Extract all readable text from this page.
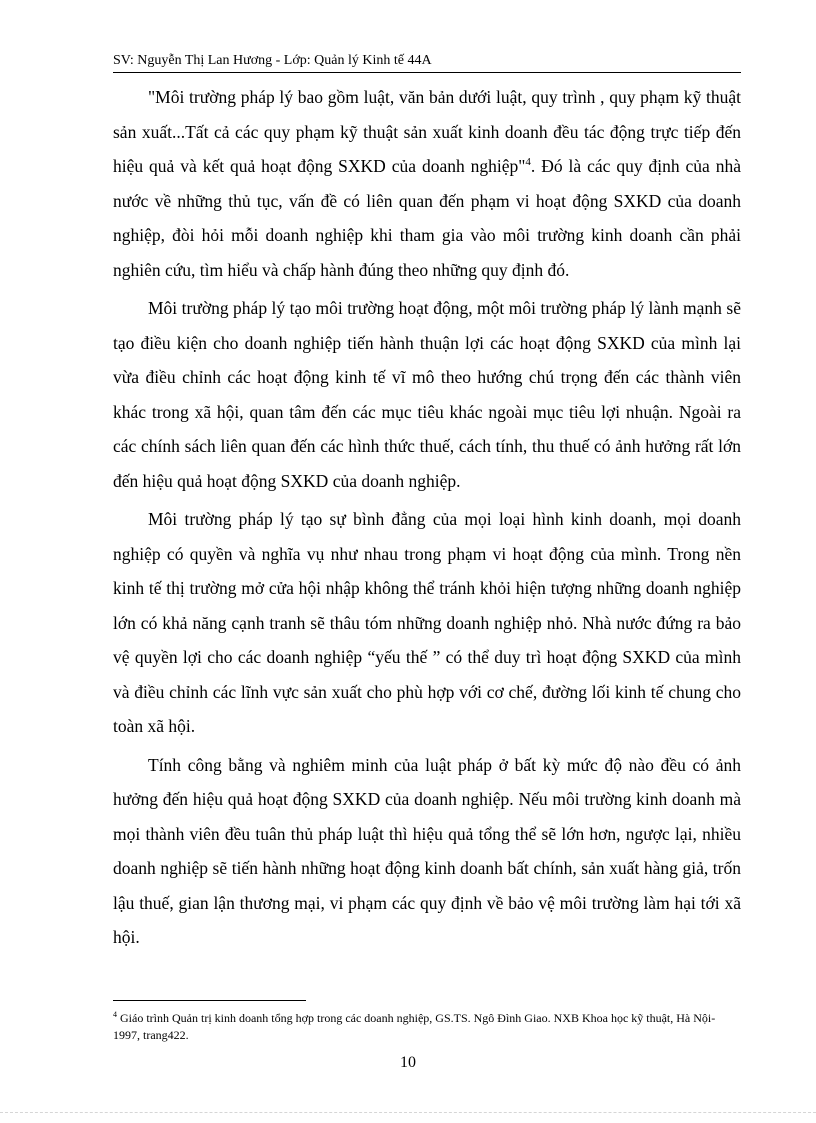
SV: Nguyễn Thị Lan Hương - Lớp: Quản lý Kinh tế 44A

"Môi trường pháp lý bao gồm luật, văn bản dưới luật, quy trình , quy phạm kỹ thuật sản xuất...Tất cả các quy phạm kỹ thuật sản xuất kinh doanh đều tác động trực tiếp đến hiệu quả và kết quả hoạt động SXKD của doanh nghiệp"$^4$. Đó là các quy định của nhà nước về những thủ tục, vấn đề có liên quan đến phạm vi hoạt động SXKD của doanh nghiệp, đòi hỏi mỗi doanh nghiệp khi tham gia vào môi trường kinh doanh cần phải nghiên cứu, tìm hiểu và chấp hành đúng theo những quy định đó.

Môi trường pháp lý tạo môi trường hoạt động, một môi trường pháp lý lành mạnh sẽ tạo điều kiện cho doanh nghiệp tiến hành thuận lợi các hoạt động SXKD của mình lại vừa điều chỉnh các hoạt động kinh tế vĩ mô theo hướng chú trọng đến các thành viên khác trong xã hội, quan tâm đến các mục tiêu khác ngoài mục tiêu lợi nhuận. Ngoài ra các chính sách liên quan đến các hình thức thuế, cách tính, thu thuế có ảnh hưởng rất lớn đến hiệu quả hoạt động SXKD của doanh nghiệp.

Môi trường pháp lý tạo sự bình đẳng của mọi loại hình kinh doanh, mọi doanh nghiệp có quyền và nghĩa vụ như nhau trong phạm vi hoạt động của mình. Trong nền kinh tế thị trường mở cửa hội nhập không thể tránh khỏi hiện tượng những doanh nghiệp lớn có khả năng cạnh tranh sẽ thâu tóm những doanh nghiệp nhỏ. Nhà nước đứng ra bảo vệ quyền lợi cho các doanh nghiệp “yếu thế ” có thể duy trì hoạt động SXKD của mình và điều chỉnh các lĩnh vực sản xuất cho phù hợp với cơ chế, đường lối kinh tế chung cho toàn xã hội.

Tính công bằng và nghiêm minh của luật pháp ở bất kỳ mức độ nào đều có ảnh hưởng đến hiệu quả hoạt động SXKD của doanh nghiệp. Nếu môi trường kinh doanh mà mọi thành viên đều tuân thủ pháp luật thì hiệu quả tổng thể sẽ lớn hơn, ngược lại, nhiều doanh nghiệp sẽ tiến hành những hoạt động kinh doanh bất chính, sản xuất hàng giả, trốn lậu thuế, gian lận thương mại, vi phạm các quy định về bảo vệ môi trường làm hại tới xã hội.

$^4$ Giáo trình Quản trị kinh doanh tổng hợp trong các doanh nghiệp, GS.TS. Ngô Đình Giao. NXB Khoa học kỹ thuật, Hà Nội- 1997, trang422.

10
